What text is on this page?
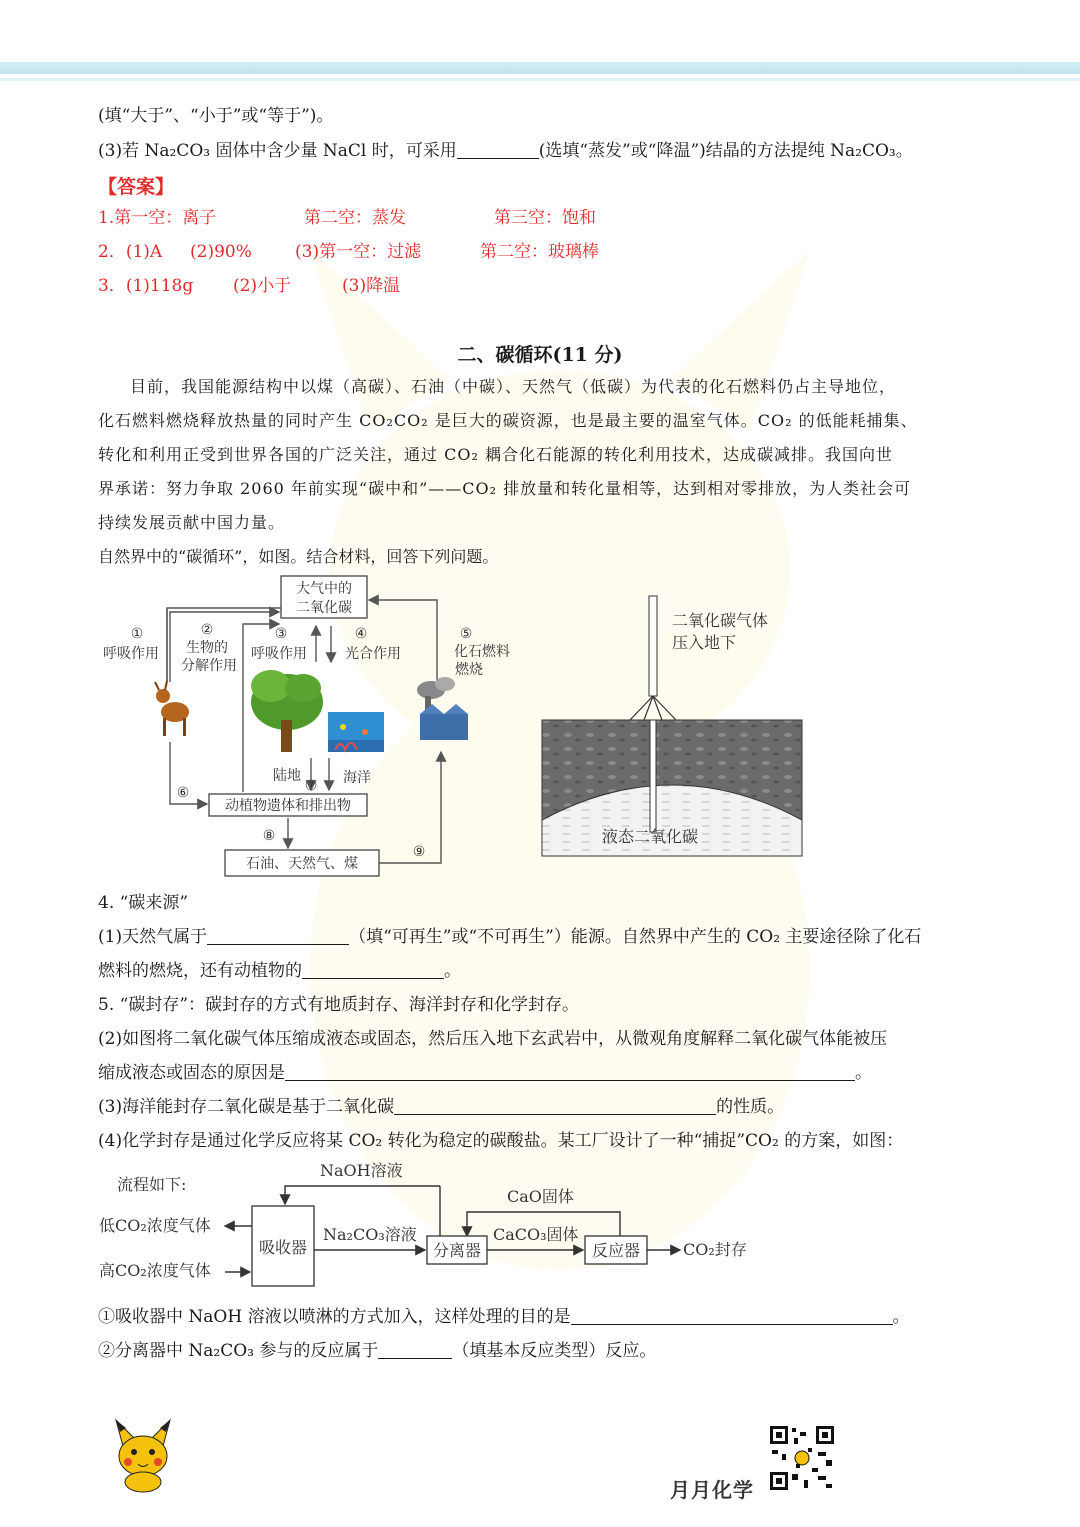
(填“大于”、“小于”或“等于”)。
(3)若 Na₂CO₃ 固体中含少量 NaCl 时，可采用	(选填“蒸发”或“降温”)结晶的方法提纯 Na₂CO₃。
【答案】
1.第一空：离子	第二空：蒸发	第三空：饱和
2．(1)A (2)90%	(3)第一空：过滤	第二空：玻璃棒
3．(1)118g (2)小于	(3)降温
二、碳循环(11 分)
目前，我国能源结构中以煤（高碳）、石油（中碳）、天然气（低碳）为代表的化石燃料仍占主导地位，
化石燃料燃烧释放热量的同时产生 CO₂CO₂ 是巨大的碳资源，也是最主要的温室气体。CO₂ 的低能耗捕集、
转化和利用正受到世界各国的广泛关注，通过 CO₂ 耦合化石能源的转化利用技术，达成碳减排。我国向世
界承诺：努力争取 2060 年前实现“碳中和”——CO₂ 排放量和转化量相等，达到相对零排放，为人类社会可
持续发展贡献中国力量。
自然界中的“碳循环”，如图。结合材料，回答下列问题。
大气中的
二氧化碳
①
呼吸作用
②
生物的
分解作用
③
呼吸作用
④
光合作用
⑤
化石燃料
燃烧
陆地
⑦ 海洋
⑥
动植物遗体和排出物
⑧
石油、天然气、煤
⑨
二氧化碳气体
压入地下
液态二氧化碳
4. “碳来源”
(1)天然气属于	（填“可再生”或“不可再生”）能源。自然界中产生的 CO₂ 主要途径除了化石
燃料的燃烧，还有动植物的	。
5. “碳封存”：碳封存的方式有地质封存、海洋封存和化学封存。
(2)如图将二氧化碳气体压缩成液态或固态，然后压入地下玄武岩中，从微观角度解释二氧化碳气体能被压
缩成液态或固态的原因是	。
(3)海洋能封存二氧化碳是基于二氧化碳	的性质。
(4)化学封存是通过化学反应将某 CO₂ 转化为稳定的碳酸盐。某工厂设计了一种“捕捉”CO₂ 的方案，如图：
流程如下:
NaOH溶液
CaO固体
吸收器
低CO₂浓度气体
高CO₂浓度气体
Na₂CO₃溶液
分离器
CaCO₃固体
反应器	CO₂封存
①吸收器中 NaOH 溶液以喷淋的方式加入，这样处理的目的是	。
②分离器中 Na₂CO₃ 参与的反应属于	（填基本反应类型）反应。
月月化学
